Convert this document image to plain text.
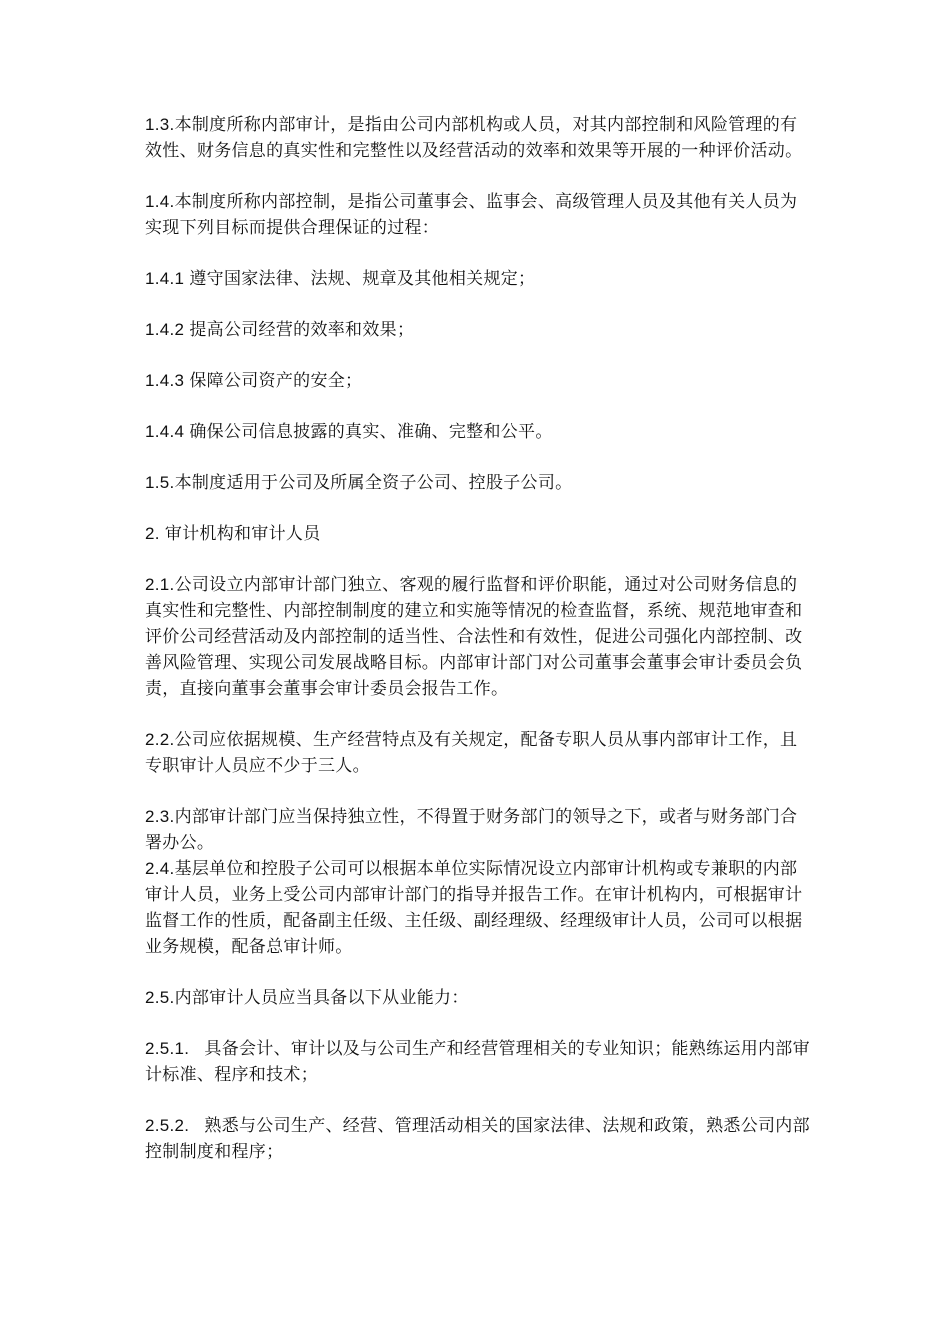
1.3.本制度所称内部审计，是指由公司内部机构或人员，对其内部控制和风险管理的有效性、财务信息的真实性和完整性以及经营活动的效率和效果等开展的一种评价活动。

1.4.本制度所称内部控制，是指公司董事会、监事会、高级管理人员及其他有关人员为实现下列目标而提供合理保证的过程：

1.4.1 遵守国家法律、法规、规章及其他相关规定；

1.4.2 提高公司经营的效率和效果；

1.4.3 保障公司资产的安全；

1.4.4 确保公司信息披露的真实、准确、完整和公平。

1.5.本制度适用于公司及所属全资子公司、控股子公司。

2. 审计机构和审计人员

2.1.公司设立内部审计部门独立、客观的履行监督和评价职能，通过对公司财务信息的真实性和完整性、内部控制制度的建立和实施等情况的检查监督，系统、规范地审查和评价公司经营活动及内部控制的适当性、合法性和有效性，促进公司强化内部控制、改善风险管理、实现公司发展战略目标。内部审计部门对公司董事会董事会审计委员会负责，直接向董事会董事会审计委员会报告工作。

2.2.公司应依据规模、生产经营特点及有关规定，配备专职人员从事内部审计工作，且专职审计人员应不少于三人。

2.3.内部审计部门应当保持独立性，不得置于财务部门的领导之下，或者与财务部门合署办公。

2.4.基层单位和控股子公司可以根据本单位实际情况设立内部审计机构或专兼职的内部审计人员，业务上受公司内部审计部门的指导并报告工作。在审计机构内，可根据审计监督工作的性质，配备副主任级、主任级、副经理级、经理级审计人员，公司可以根据业务规模，配备总审计师。

2.5.内部审计人员应当具备以下从业能力：

2.5.1.   具备会计、审计以及与公司生产和经营管理相关的专业知识；能熟练运用内部审计标准、程序和技术；

2.5.2.   熟悉与公司生产、经营、管理活动相关的国家法律、法规和政策，熟悉公司内部控制制度和程序；
